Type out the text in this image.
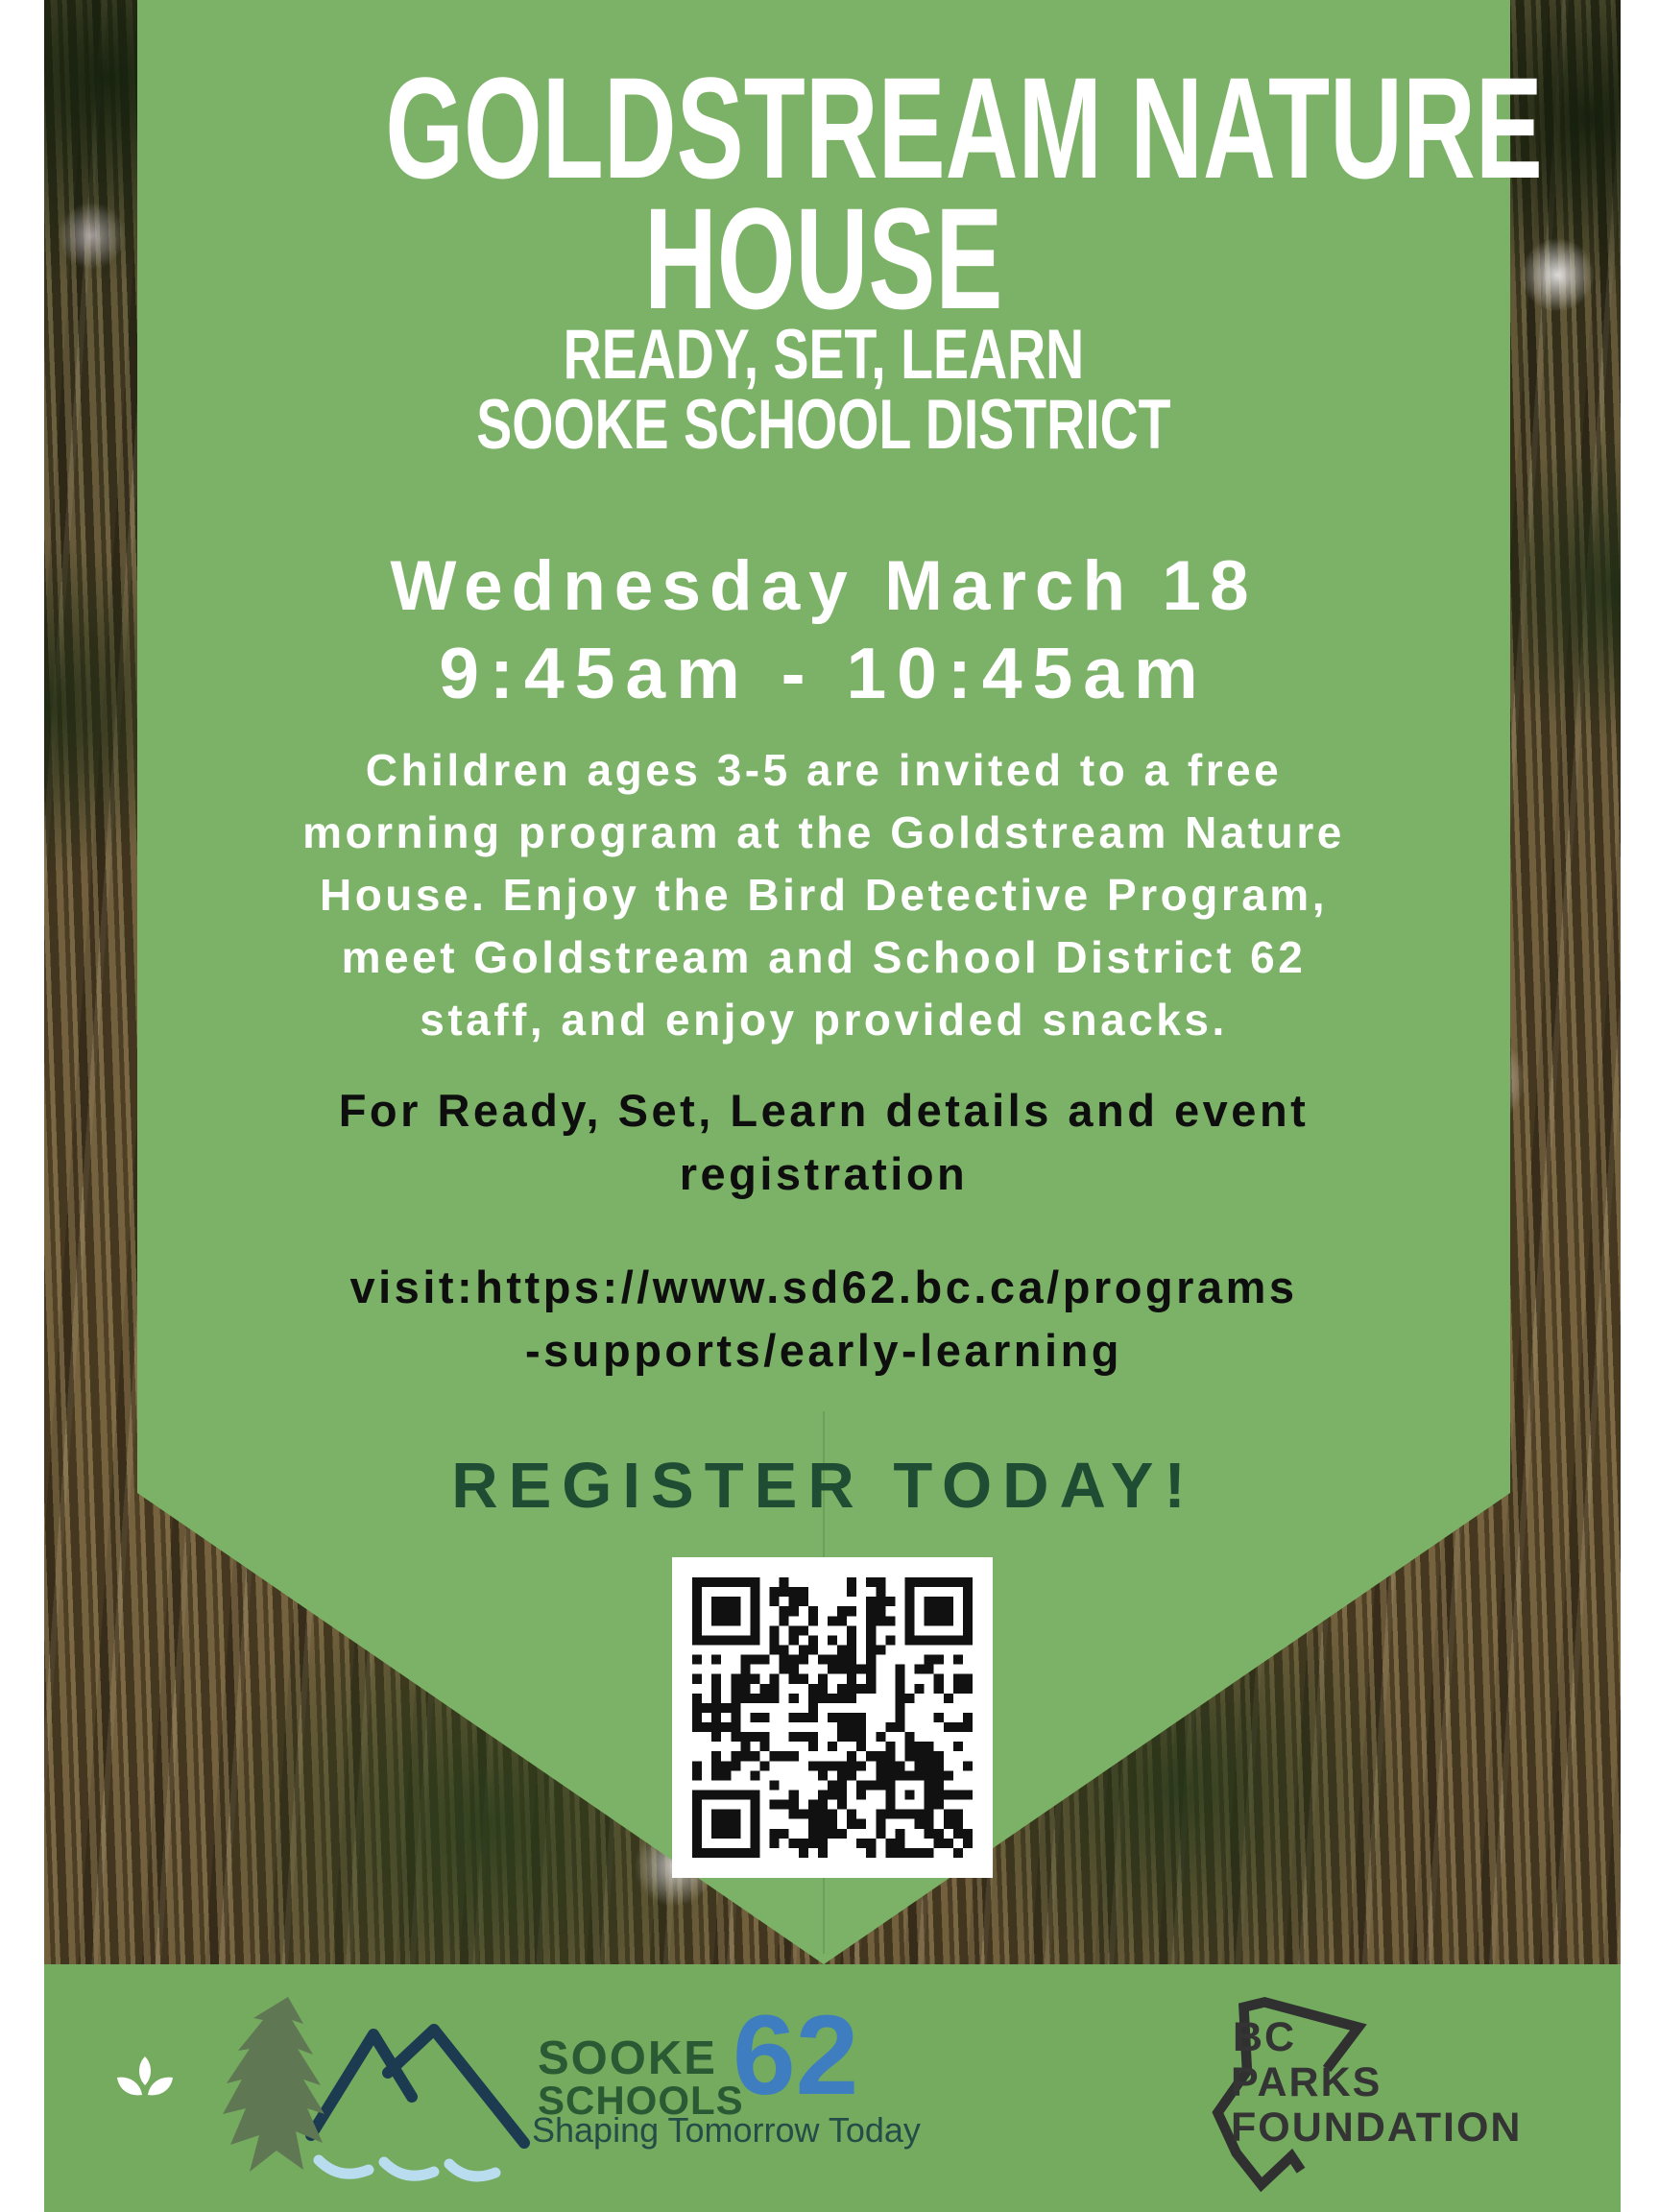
GOLDSTREAM NATURE
HOUSE
READY, SET, LEARN
SOOKE SCHOOL DISTRICT
Wednesday March 18
9:45am - 10:45am
Children ages 3-5 are invited to a free
morning program at the Goldstream Nature
House. Enjoy the Bird Detective Program,
meet Goldstream and School District 62
staff, and enjoy provided snacks.
For Ready, Set, Learn details and event
registration
visit:https://www.sd62.bc.ca/programs
-supports/early-learning
REGISTER TODAY!
SOOKE
SCHOOLS
62
Shaping Tomorrow Today
BC
PARKS
FOUNDATION
